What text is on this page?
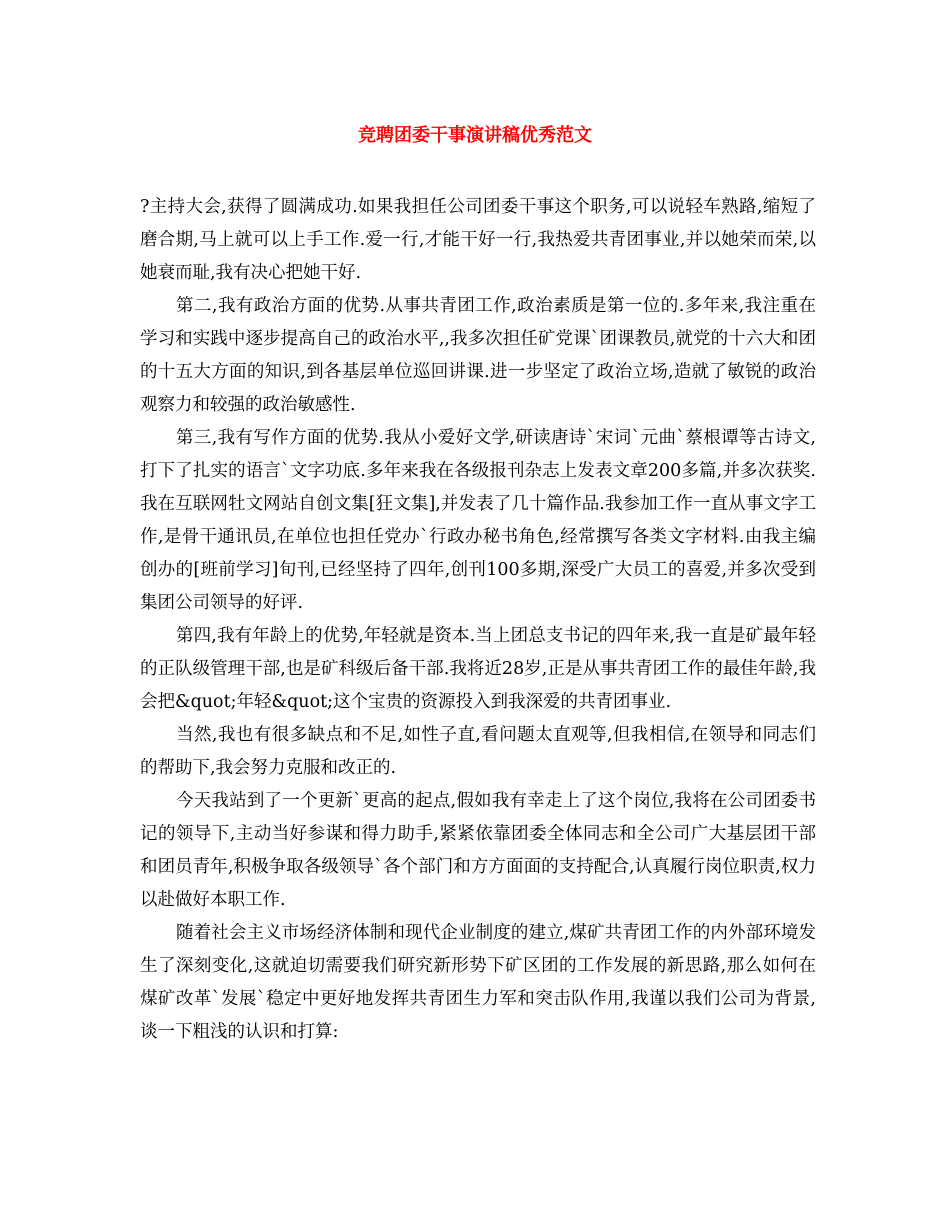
竞聘团委干事演讲稿优秀范文

?主持大会,获得了圆满成功.如果我担任公司团委干事这个职务,可以说轻车熟路,缩短了磨合期,马上就可以上手工作.爱一行,才能干好一行,我热爱共青团事业,并以她荣而荣,以她衰而耻,我有决心把她干好.

第二,我有政治方面的优势.从事共青团工作,政治素质是第一位的.多年来,我注重在学习和实践中逐步提高自己的政治水平,,我多次担任矿党课`团课教员,就党的十六大和团的十五大方面的知识,到各基层单位巡回讲课.进一步坚定了政治立场,造就了敏锐的政治观察力和较强的政治敏感性.

第三,我有写作方面的优势.我从小爱好文学,研读唐诗`宋词`元曲`蔡根谭等古诗文,打下了扎实的语言`文字功底.多年来我在各级报刊杂志上发表文章200多篇,并多次获奖.我在互联网牡文网站自创文集[狂文集],并发表了几十篇作品.我参加工作一直从事文字工作,是骨干通讯员,在单位也担任党办`行政办秘书角色,经常撰写各类文字材料.由我主编创办的[班前学习]旬刊,已经坚持了四年,创刊100多期,深受广大员工的喜爱,并多次受到集团公司领导的好评.

第四,我有年龄上的优势,年轻就是资本.当上团总支书记的四年来,我一直是矿最年轻的正队级管理干部,也是矿科级后备干部.我将近28岁,正是从事共青团工作的最佳年龄,我会把&quot;年轻&quot;这个宝贵的资源投入到我深爱的共青团事业.

当然,我也有很多缺点和不足,如性子直,看问题太直观等,但我相信,在领导和同志们的帮助下,我会努力克服和改正的.

今天我站到了一个更新`更高的起点,假如我有幸走上了这个岗位,我将在公司团委书记的领导下,主动当好参谋和得力助手,紧紧依靠团委全体同志和全公司广大基层团干部和团员青年,积极争取各级领导`各个部门和方方面面的支持配合,认真履行岗位职责,权力以赴做好本职工作.

随着社会主义市场经济体制和现代企业制度的建立,煤矿共青团工作的内外部环境发生了深刻变化,这就迫切需要我们研究新形势下矿区团的工作发展的新思路,那么如何在煤矿改革`发展`稳定中更好地发挥共青团生力军和突击队作用,我谨以我们公司为背景,谈一下粗浅的认识和打算:
